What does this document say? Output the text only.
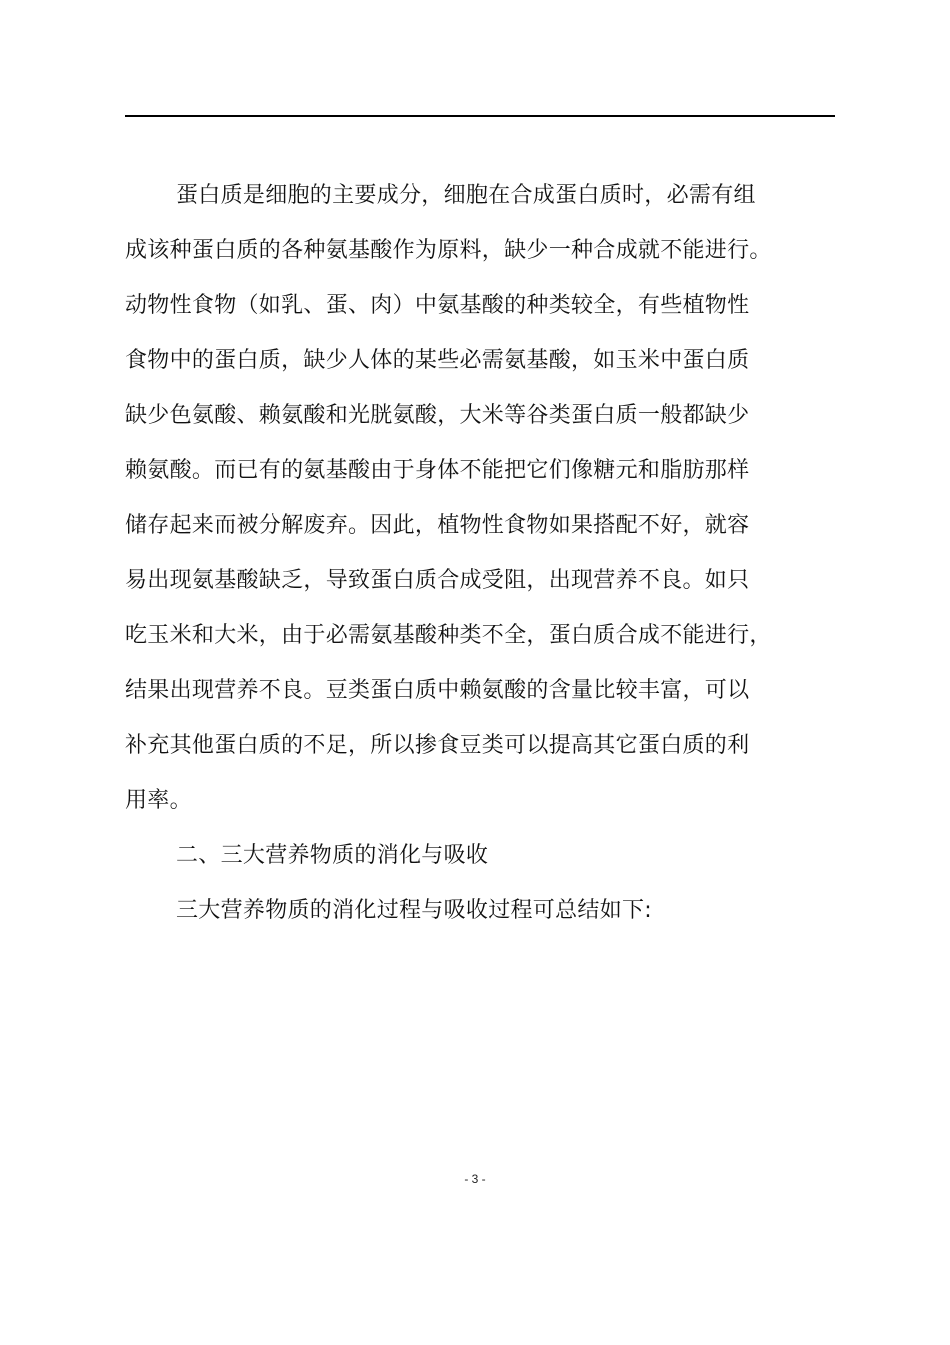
蛋白质是细胞的主要成分，细胞在合成蛋白质时，必需有组
成该种蛋白质的各种氨基酸作为原料，缺少一种合成就不能进行。
动物性食物（如乳、蛋、肉）中氨基酸的种类较全，有些植物性
食物中的蛋白质，缺少人体的某些必需氨基酸，如玉米中蛋白质
缺少色氨酸、赖氨酸和光胱氨酸，大米等谷类蛋白质一般都缺少
赖氨酸。而已有的氨基酸由于身体不能把它们像糖元和脂肪那样
储存起来而被分解废弃。因此，植物性食物如果搭配不好，就容
易出现氨基酸缺乏，导致蛋白质合成受阻，出现营养不良。如只
吃玉米和大米，由于必需氨基酸种类不全，蛋白质合成不能进行，
结果出现营养不良。豆类蛋白质中赖氨酸的含量比较丰富，可以
补充其他蛋白质的不足，所以掺食豆类可以提高其它蛋白质的利
用率。
二、三大营养物质的消化与吸收
三大营养物质的消化过程与吸收过程可总结如下:
- 3 -
